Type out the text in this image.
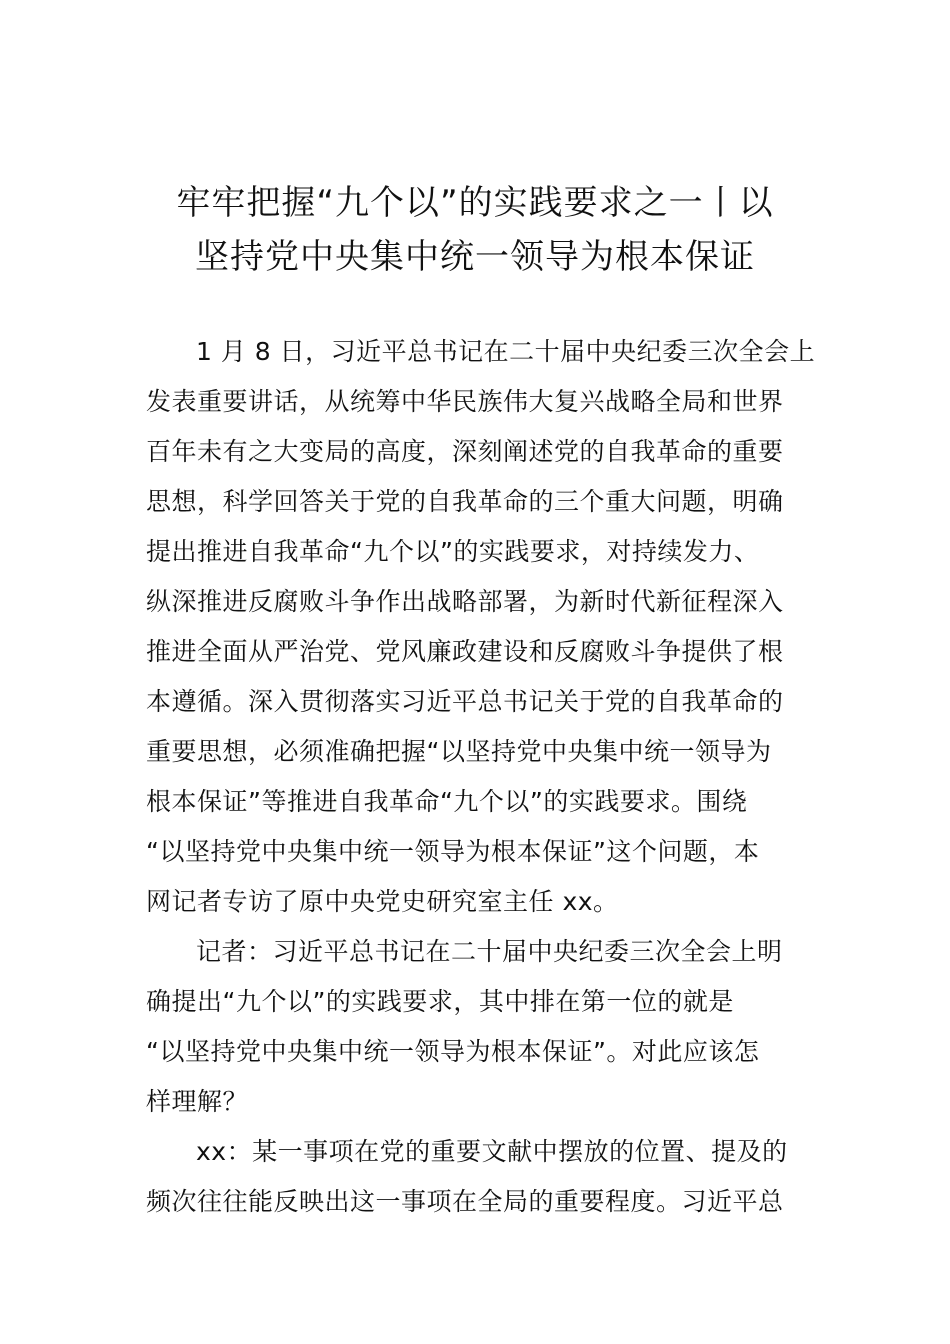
牢牢把握“九个以”的实践要求之一丨以
坚持党中央集中统一领导为根本保证
1 月 8 日，习近平总书记在二十届中央纪委三次全会上
发表重要讲话，从统筹中华民族伟大复兴战略全局和世界
百年未有之大变局的高度，深刻阐述党的自我革命的重要
思想，科学回答关于党的自我革命的三个重大问题，明确
提出推进自我革命“九个以”的实践要求，对持续发力、
纵深推进反腐败斗争作出战略部署，为新时代新征程深入
推进全面从严治党、党风廉政建设和反腐败斗争提供了根
本遵循。深入贯彻落实习近平总书记关于党的自我革命的
重要思想，必须准确把握“以坚持党中央集中统一领导为
根本保证”等推进自我革命“九个以”的实践要求。围绕
“以坚持党中央集中统一领导为根本保证”这个问题，本
网记者专访了原中央党史研究室主任 xx。
记者：习近平总书记在二十届中央纪委三次全会上明
确提出“九个以”的实践要求，其中排在第一位的就是
“以坚持党中央集中统一领导为根本保证”。对此应该怎
样理解？
xx：某一事项在党的重要文献中摆放的位置、提及的
频次往往能反映出这一事项在全局的重要程度。习近平总
